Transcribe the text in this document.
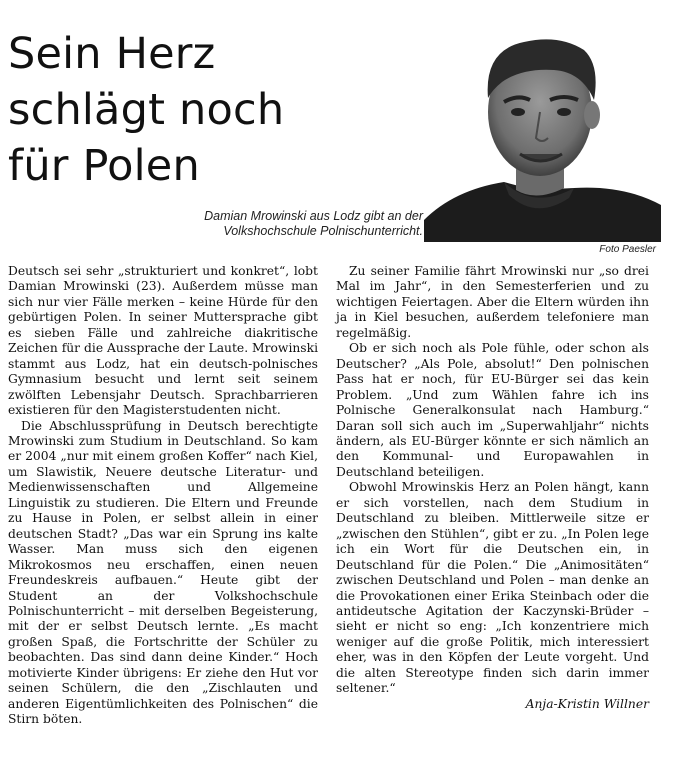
Sein Herz
schlägt noch
für Polen
Damian Mrowinski aus Lodz gibt an der Volkshochschule Polnischunterricht.
Foto Paesler

Deutsch sei sehr „strukturiert und konkret“, lobt Damian Mrowinski (23). Außerdem müsse man sich nur vier Fälle merken – keine Hürde für den gebürtigen Polen. In seiner Muttersprache gibt es sieben Fälle und zahlreiche diakritische Zeichen für die Aussprache der Laute. Mrowinski stammt aus Lodz, hat ein deutsch-polnisches Gymnasium besucht und lernt seit seinem zwölften Lebensjahr Deutsch. Sprachbarrieren existieren für den Magisterstudenten nicht.

Die Abschlussprüfung in Deutsch berechtigte Mrowinski zum Studium in Deutschland. So kam er 2004 „nur mit einem großen Koffer“ nach Kiel, um Slawistik, Neuere deutsche Literatur- und Medienwissenschaften und Allgemeine Linguistik zu studieren. Die Eltern und Freunde zu Hause in Polen, er selbst allein in einer deutschen Stadt? „Das war ein Sprung ins kalte Wasser. Man muss sich den eigenen Mikrokosmos neu erschaffen, einen neuen Freundeskreis aufbauen.“ Heute gibt der Student an der Volkshochschule Polnischunterricht – mit derselben Begeisterung, mit der er selbst Deutsch lernte. „Es macht großen Spaß, die Fortschritte der Schüler zu beobachten. Das sind dann deine Kinder.“ Hoch motivierte Kinder übrigens: Er ziehe den Hut vor seinen Schülern, die den „Zischlauten und anderen Eigentümlichkeiten des Polnischen“ die Stirn böten.

Zu seiner Familie fährt Mrowinski nur „so drei Mal im Jahr“, in den Semesterferien und zu wichtigen Feiertagen. Aber die Eltern würden ihn ja in Kiel besuchen, außerdem telefoniere man regelmäßig.

Ob er sich noch als Pole fühle, oder schon als Deutscher? „Als Pole, absolut!“ Den polnischen Pass hat er noch, für EU-Bürger sei das kein Problem. „Und zum Wählen fahre ich ins Polnische Generalkonsulat nach Hamburg.“ Daran soll sich auch im „Superwahljahr“ nichts ändern, als EU-Bürger könnte er sich nämlich an den Kommunal- und Europawahlen in Deutschland beteiligen.

Obwohl Mrowinskis Herz an Polen hängt, kann er sich vorstellen, nach dem Studium in Deutschland zu bleiben. Mittlerweile sitze er „zwischen den Stühlen“, gibt er zu. „In Polen lege ich ein Wort für die Deutschen ein, in Deutschland für die Polen.“ Die „Animositäten“ zwischen Deutschland und Polen – man denke an die Provokationen einer Erika Steinbach oder die antideutsche Agitation der Kaczynski-Brüder – sieht er nicht so eng: „Ich konzentriere mich weniger auf die große Politik, mich interessiert eher, was in den Köpfen der Leute vorgeht. Und die alten Stereotype finden sich darin immer seltener.“

Anja-Kristin Willner
